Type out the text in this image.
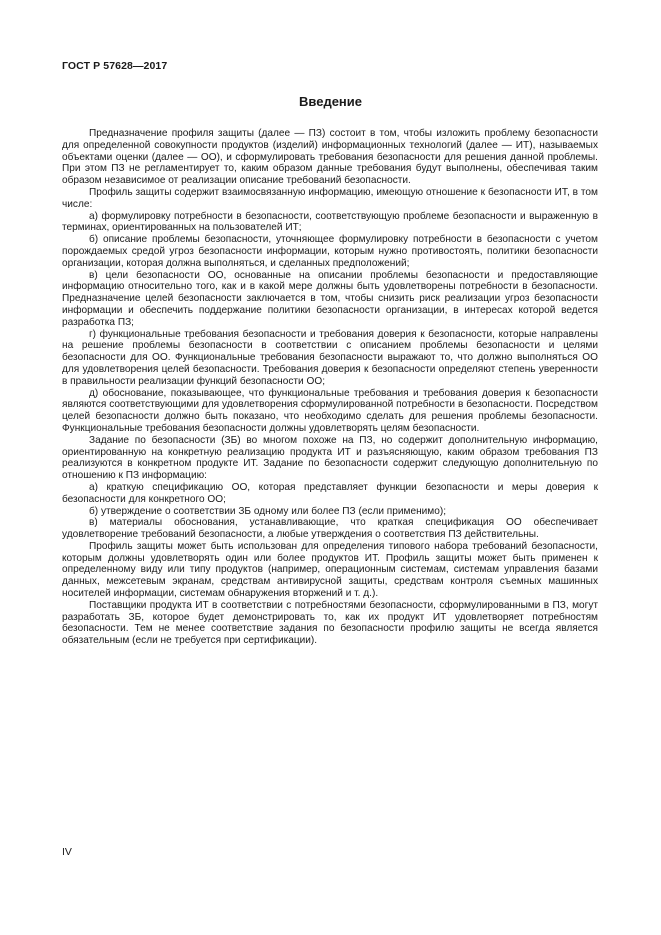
ГОСТ Р 57628—2017
Введение

Предназначение профиля защиты (далее — ПЗ) состоит в том, чтобы изложить проблему безопасности для определенной совокупности продуктов (изделий) информационных технологий (далее — ИТ), называемых объектами оценки (далее — ОО), и сформулировать требования безопасности для решения данной проблемы. При этом ПЗ не регламентирует то, каким образом данные требования будут выполнены, обеспечивая таким образом независимое от реализации описание требований безопасности.

Профиль защиты содержит взаимосвязанную информацию, имеющую отношение к безопасности ИТ, в том числе:

а) формулировку потребности в безопасности, соответствующую проблеме безопасности и выраженную в терминах, ориентированных на пользователей ИТ;

б) описание проблемы безопасности, уточняющее формулировку потребности в безопасности с учетом порождаемых средой угроз безопасности информации, которым нужно противостоять, политики безопасности организации, которая должна выполняться, и сделанных предположений;

в) цели безопасности ОО, основанные на описании проблемы безопасности и предоставляющие информацию относительно того, как и в какой мере должны быть удовлетворены потребности в безопасности. Предназначение целей безопасности заключается в том, чтобы снизить риск реализации угроз безопасности информации и обеспечить поддержание политики безопасности организации, в интересах которой ведется разработка ПЗ;

г) функциональные требования безопасности и требования доверия к безопасности, которые направлены на решение проблемы безопасности в соответствии с описанием проблемы безопасности и целями безопасности для ОО. Функциональные требования безопасности выражают то, что должно выполняться ОО для удовлетворения целей безопасности. Требования доверия к безопасности определяют степень уверенности в правильности реализации функций безопасности ОО;

д) обоснование, показывающее, что функциональные требования и требования доверия к безопасности являются соответствующими для удовлетворения сформулированной потребности в безопасности. Посредством целей безопасности должно быть показано, что необходимо сделать для решения проблемы безопасности. Функциональные требования безопасности должны удовлетворять целям безопасности.

Задание по безопасности (ЗБ) во многом похоже на ПЗ, но содержит дополнительную информацию, ориентированную на конкретную реализацию продукта ИТ и разъясняющую, каким образом требования ПЗ реализуются в конкретном продукте ИТ. Задание по безопасности содержит следующую дополнительную по отношению к ПЗ информацию:

а) краткую спецификацию ОО, которая представляет функции безопасности и меры доверия к безопасности для конкретного ОО;

б) утверждение о соответствии ЗБ одному или более ПЗ (если применимо);

в) материалы обоснования, устанавливающие, что краткая спецификация ОО обеспечивает удовлетворение требований безопасности, а любые утверждения о соответствия ПЗ действительны.

Профиль защиты может быть использован для определения типового набора требований безопасности, которым должны удовлетворять один или более продуктов ИТ. Профиль защиты может быть применен к определенному виду или типу продуктов (например, операционным системам, системам управления базами данных, межсетевым экранам, средствам антивирусной защиты, средствам контроля съемных машинных носителей информации, системам обнаружения вторжений и т. д.).

Поставщики продукта ИТ в соответствии с потребностями безопасности, сформулированными в ПЗ, могут разработать ЗБ, которое будет демонстрировать то, как их продукт ИТ удовлетворяет потребностям безопасности. Тем не менее соответствие задания по безопасности профилю защиты не всегда является обязательным (если не требуется при сертификации).

IV
